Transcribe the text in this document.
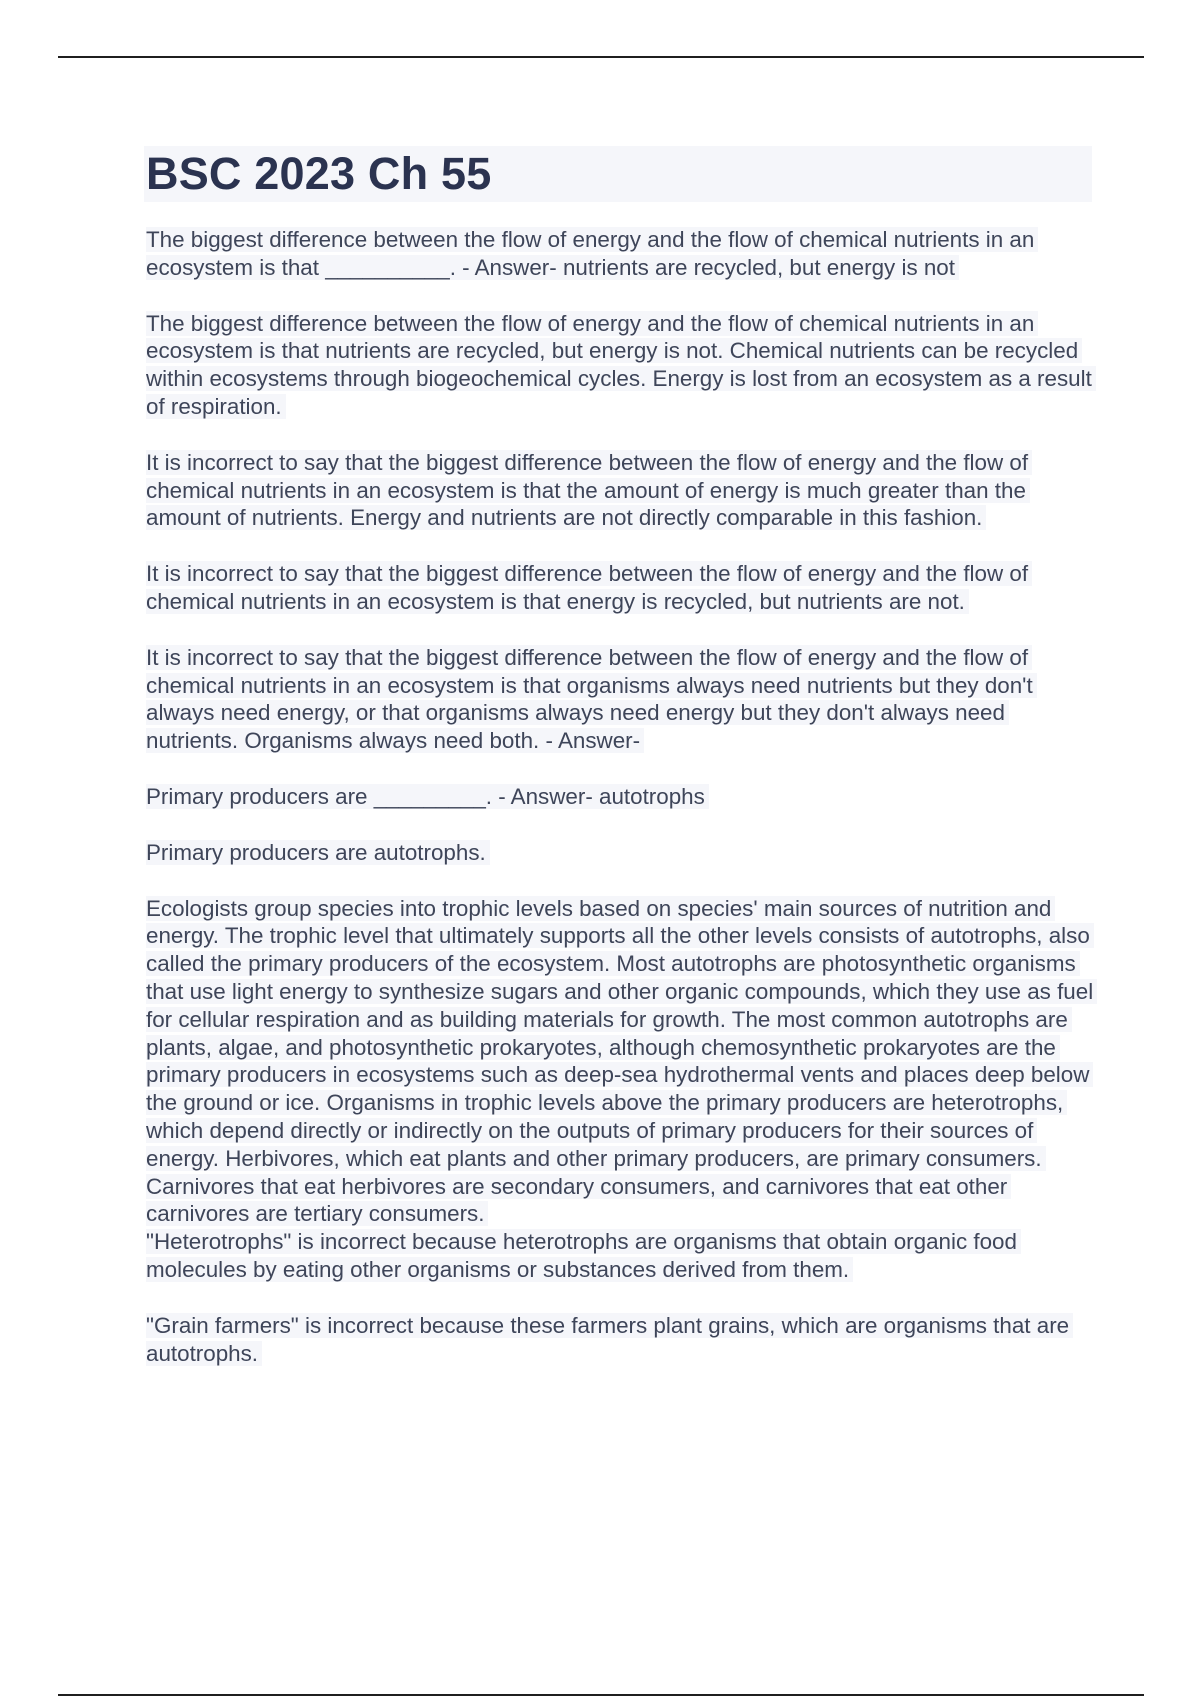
BSC 2023 Ch 55

The biggest difference between the flow of energy and the flow of chemical nutrients in an ecosystem is that __________. - Answer- nutrients are recycled, but energy is not

The biggest difference between the flow of energy and the flow of chemical nutrients in an ecosystem is that nutrients are recycled, but energy is not. Chemical nutrients can be recycled within ecosystems through biogeochemical cycles. Energy is lost from an ecosystem as a result of respiration.

It is incorrect to say that the biggest difference between the flow of energy and the flow of chemical nutrients in an ecosystem is that the amount of energy is much greater than the amount of nutrients. Energy and nutrients are not directly comparable in this fashion.

It is incorrect to say that the biggest difference between the flow of energy and the flow of chemical nutrients in an ecosystem is that energy is recycled, but nutrients are not.

It is incorrect to say that the biggest difference between the flow of energy and the flow of chemical nutrients in an ecosystem is that organisms always need nutrients but they don't always need energy, or that organisms always need energy but they don't always need nutrients. Organisms always need both. - Answer-

Primary producers are _________. - Answer- autotrophs

Primary producers are autotrophs.

Ecologists group species into trophic levels based on species' main sources of nutrition and energy. The trophic level that ultimately supports all the other levels consists of autotrophs, also called the primary producers of the ecosystem. Most autotrophs are photosynthetic organisms that use light energy to synthesize sugars and other organic compounds, which they use as fuel for cellular respiration and as building materials for growth. The most common autotrophs are plants, algae, and photosynthetic prokaryotes, although chemosynthetic prokaryotes are the primary producers in ecosystems such as deep-sea hydrothermal vents and places deep below the ground or ice. Organisms in trophic levels above the primary producers are heterotrophs, which depend directly or indirectly on the outputs of primary producers for their sources of energy. Herbivores, which eat plants and other primary producers, are primary consumers. Carnivores that eat herbivores are secondary consumers, and carnivores that eat other carnivores are tertiary consumers.

"Heterotrophs" is incorrect because heterotrophs are organisms that obtain organic food molecules by eating other organisms or substances derived from them.

"Grain farmers" is incorrect because these farmers plant grains, which are organisms that are autotrophs.
